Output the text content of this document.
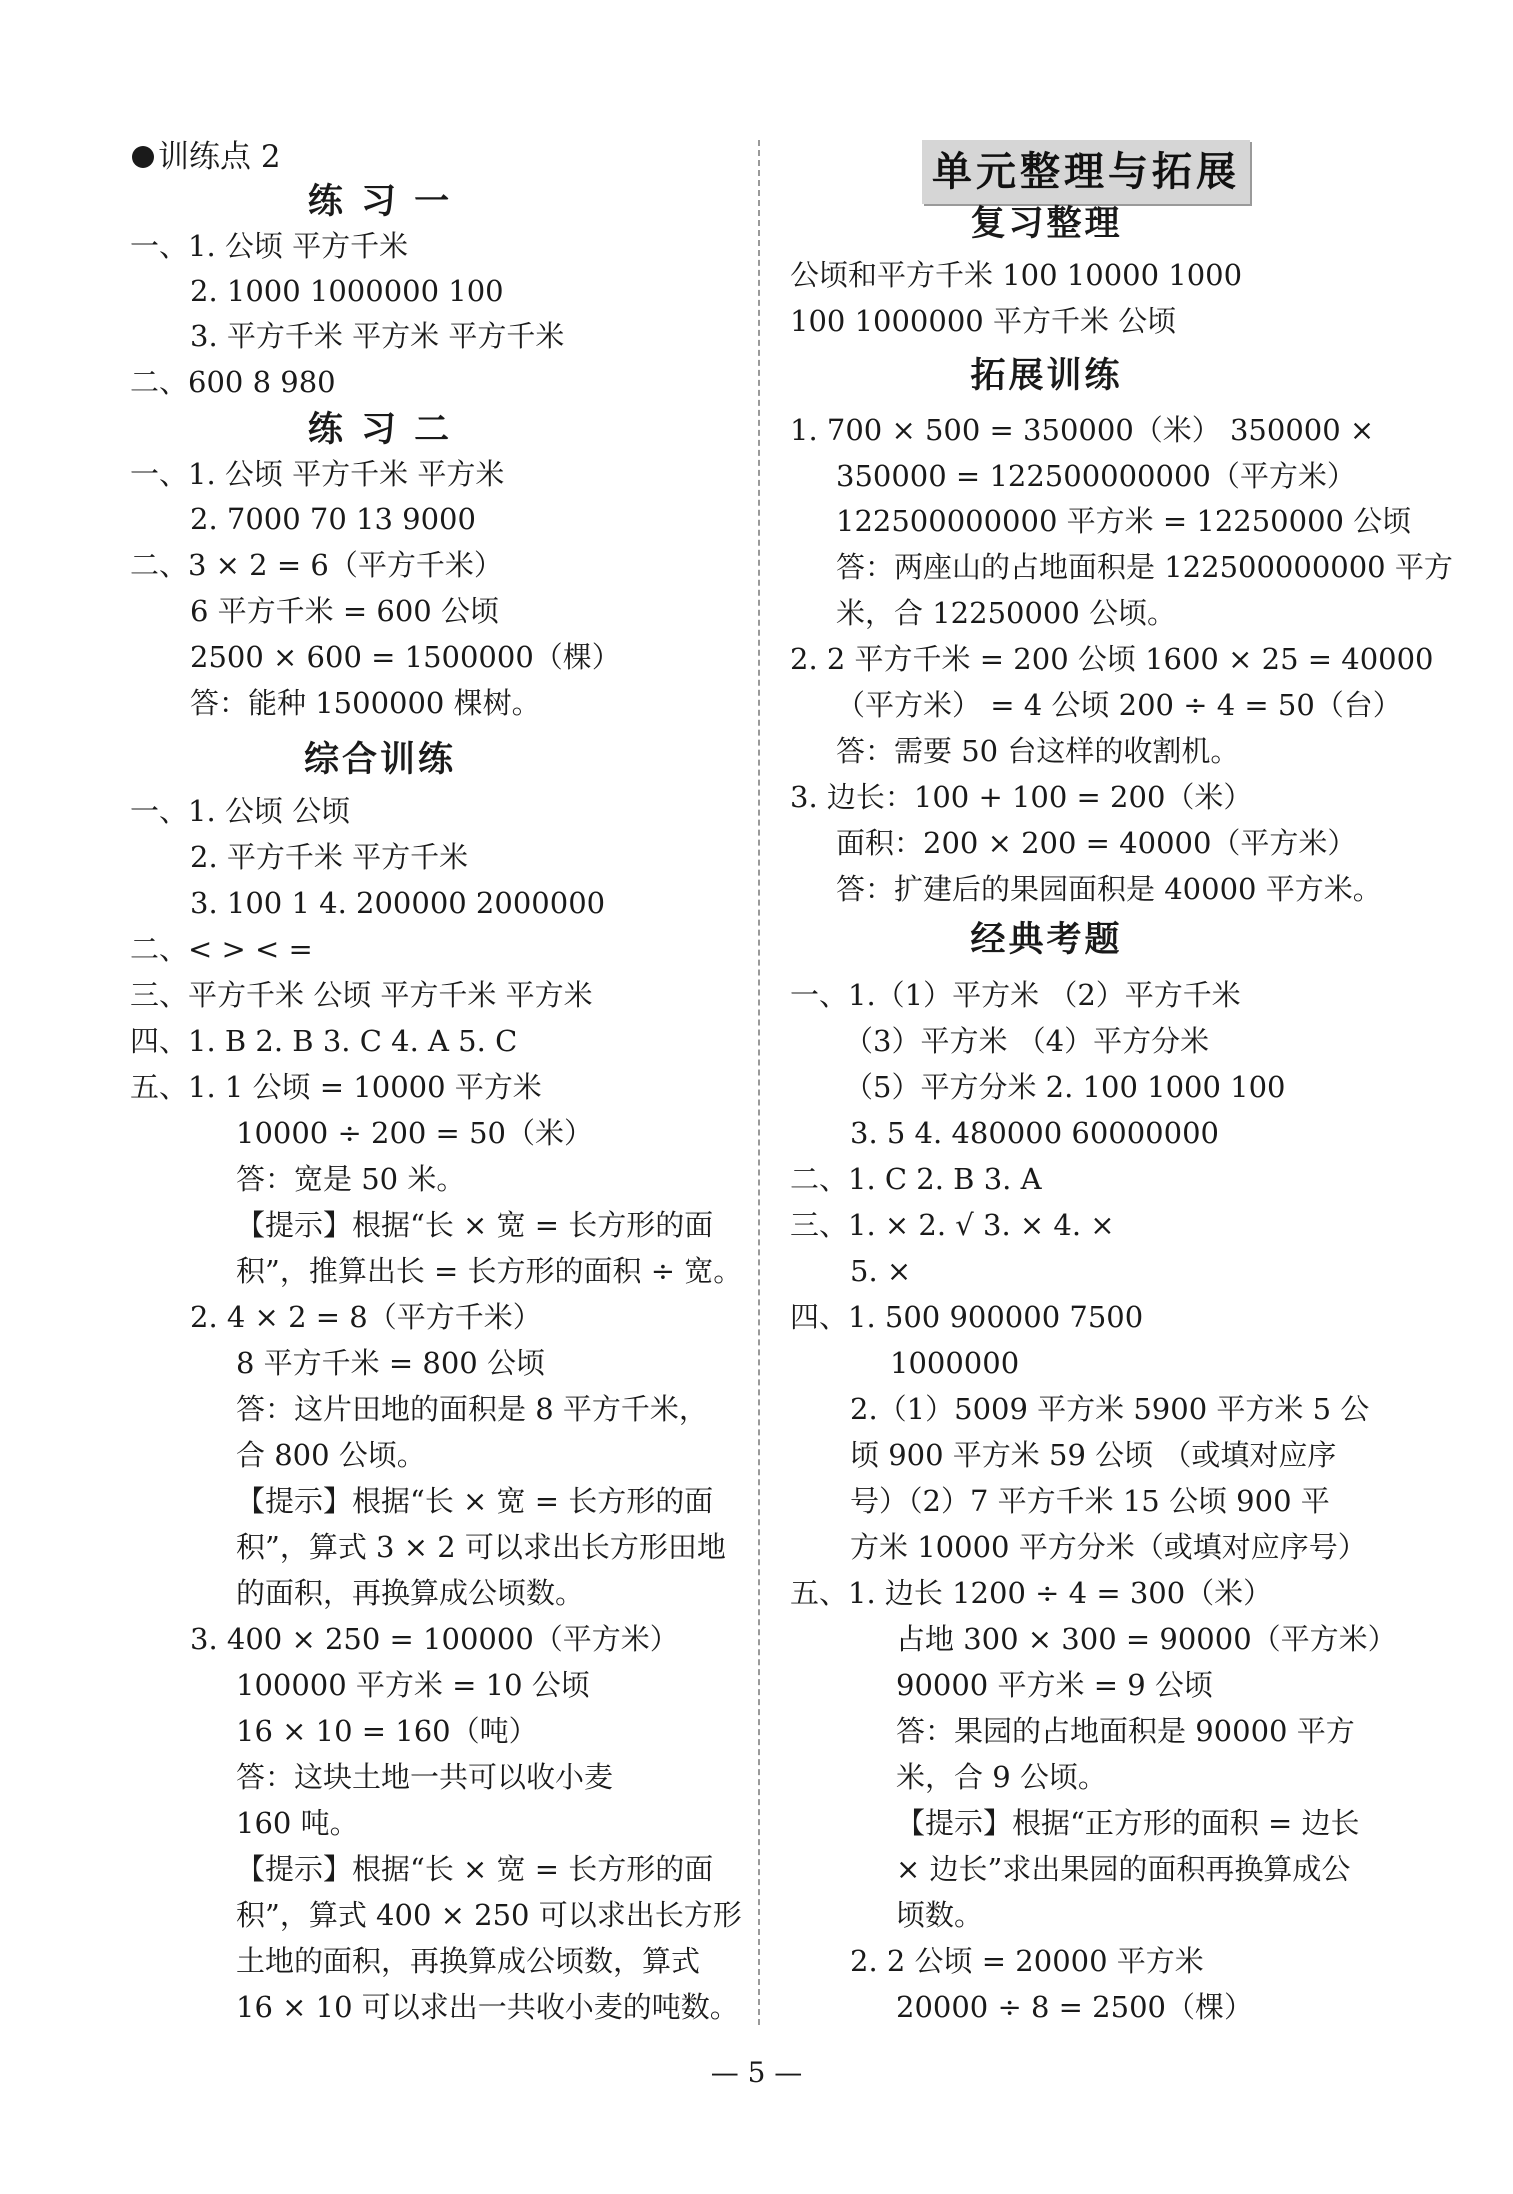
训练点 2
练 习 一
一、1. 公顷 平方千米
2. 1000 1000000 100
3. 平方千米 平方米 平方千米
二、600 8 980
练 习 二
一、1. 公顷 平方千米 平方米
2. 7000 70 13 9000
二、3 × 2 = 6（平方千米）
6 平方千米 = 600 公顷
2500 × 600 = 1500000（棵）
答：能种 1500000 棵树。
综合训练
一、1. 公顷 公顷
2. 平方千米 平方千米
3. 100 1 4. 200000 2000000
二、< > < =
三、平方千米 公顷 平方千米 平方米
四、1. B 2. B 3. C 4. A 5. C
五、1. 1 公顷 = 10000 平方米
10000 ÷ 200 = 50（米）
答：宽是 50 米。
【提示】根据“长 × 宽 = 长方形的面
积”，推算出长 = 长方形的面积 ÷ 宽。
2. 4 × 2 = 8（平方千米）
8 平方千米 = 800 公顷
答：这片田地的面积是 8 平方千米，
合 800 公顷。
【提示】根据“长 × 宽 = 长方形的面
积”，算式 3 × 2 可以求出长方形田地
的面积，再换算成公顷数。
3. 400 × 250 = 100000（平方米）
100000 平方米 = 10 公顷
16 × 10 = 160（吨）
答：这块土地一共可以收小麦
160 吨。
【提示】根据“长 × 宽 = 长方形的面
积”，算式 400 × 250 可以求出长方形
土地的面积，再换算成公顷数，算式
16 × 10 可以求出一共收小麦的吨数。
单元整理与拓展
复习整理
公顷和平方千米 100 10000 1000
100 1000000 平方千米 公顷
拓展训练
1. 700 × 500 = 350000（米） 350000 ×
350000 = 122500000000（平方米）
122500000000 平方米 = 12250000 公顷
答：两座山的占地面积是 122500000000 平方
米，合 12250000 公顷。
2. 2 平方千米 = 200 公顷 1600 × 25 = 40000
（平方米） = 4 公顷 200 ÷ 4 = 50（台）
答：需要 50 台这样的收割机。
3. 边长：100 + 100 = 200（米）
面积：200 × 200 = 40000（平方米）
答：扩建后的果园面积是 40000 平方米。
经典考题
一、1.（1）平方米 （2）平方千米
（3）平方米 （4）平方分米
（5）平方分米 2. 100 1000 100
3. 5 4. 480000 60000000
二、1. C 2. B 3. A
三、1. × 2. √ 3. × 4. ×
5. ×
四、1. 500 900000 7500
1000000
2.（1）5009 平方米 5900 平方米 5 公
顷 900 平方米 59 公顷 （或填对应序
号）（2）7 平方千米 15 公顷 900 平
方米 10000 平方分米（或填对应序号）
五、1. 边长 1200 ÷ 4 = 300（米）
占地 300 × 300 = 90000（平方米）
90000 平方米 = 9 公顷
答：果园的占地面积是 90000 平方
米，合 9 公顷。
【提示】根据“正方形的面积 = 边长
× 边长”求出果园的面积再换算成公
顷数。
2. 2 公顷 = 20000 平方米
20000 ÷ 8 = 2500（棵）
— 5 —
